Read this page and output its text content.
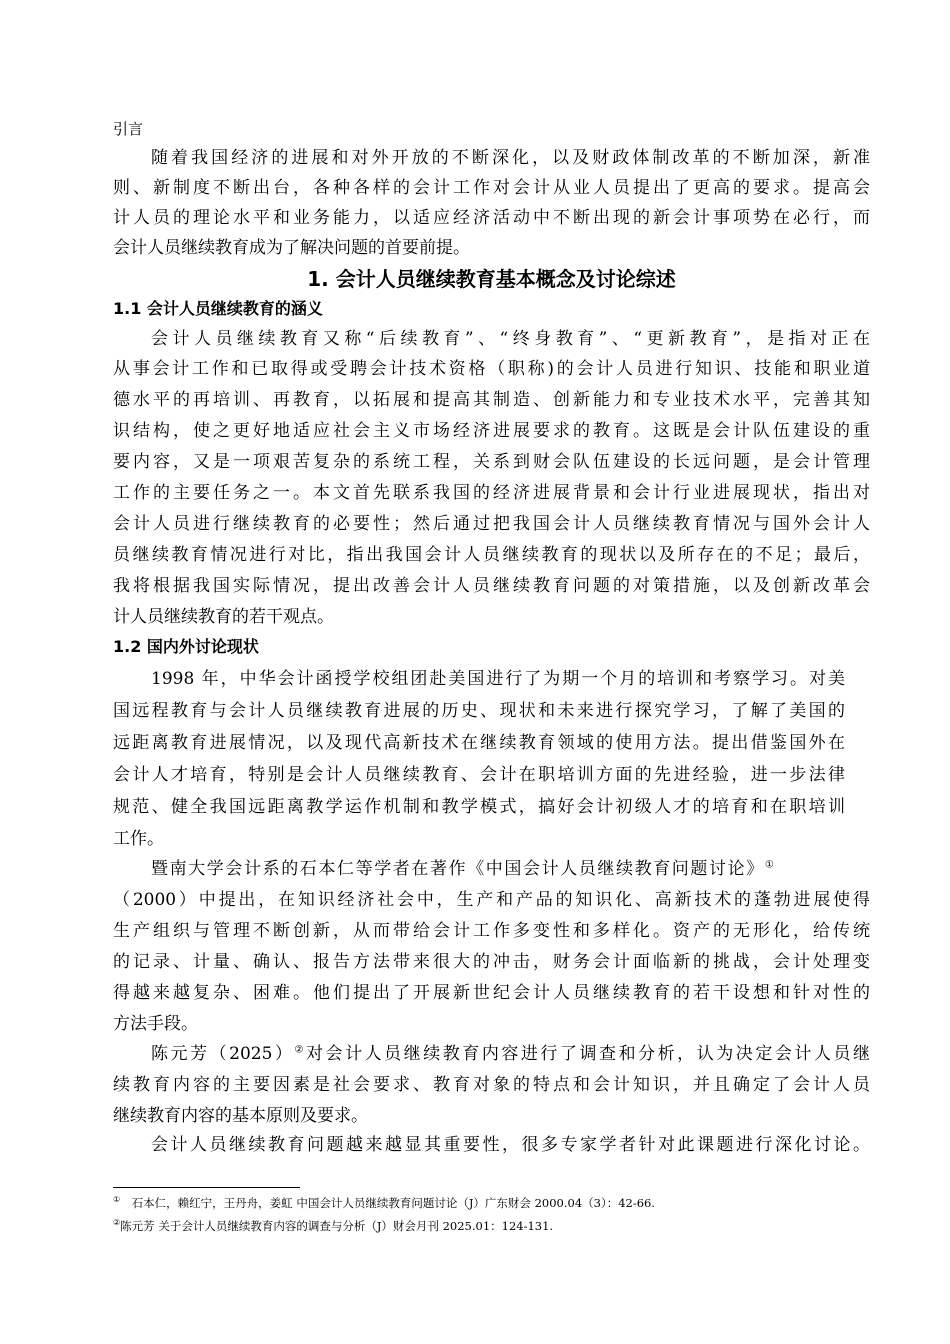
引言
随着我国经济的进展和对外开放的不断深化，以及财政体制改革的不断加深，新准
则、新制度不断出台，各种各样的会计工作对会计从业人员提出了更高的要求。提高会
计人员的理论水平和业务能力，以适应经济活动中不断出现的新会计事项势在必行，而
会计人员继续教育成为了解决问题的首要前提。
1. 会计人员继续教育基本概念及讨论综述
1.1 会计人员继续教育的涵义
会计人员继续教育又称“后续教育”、“终身教育”、“更新教育”，是指对正在
从事会计工作和已取得或受聘会计技术资格（职称)的会计人员进行知识、技能和职业道
德水平的再培训、再教育，以拓展和提高其制造、创新能力和专业技术水平，完善其知
识结构，使之更好地适应社会主义市场经济进展要求的教育。这既是会计队伍建设的重
要内容，又是一项艰苦复杂的系统工程，关系到财会队伍建设的长远问题，是会计管理
工作的主要任务之一。本文首先联系我国的经济进展背景和会计行业进展现状，指出对
会计人员进行继续教育的必要性；然后通过把我国会计人员继续教育情况与国外会计人
员继续教育情况进行对比，指出我国会计人员继续教育的现状以及所存在的不足；最后，
我将根据我国实际情况，提出改善会计人员继续教育问题的对策措施，以及创新改革会
计人员继续教育的若干观点。
1.2 国内外讨论现状
1998 年，中华会计函授学校组团赴美国进行了为期一个月的培训和考察学习。对美
国远程教育与会计人员继续教育进展的历史、现状和未来进行探究学习，了解了美国的
远距离教育进展情况，以及现代高新技术在继续教育领域的使用方法。提出借鉴国外在
会计人才培育，特别是会计人员继续教育、会计在职培训方面的先进经验，进一步法律
规范、健全我国远距离教学运作机制和教学模式，搞好会计初级人才的培育和在职培训
工作。
暨南大学会计系的石本仁等学者在著作《中国会计人员继续教育问题讨论》①
（2000）中提出，在知识经济社会中，生产和产品的知识化、高新技术的蓬勃进展使得
生产组织与管理不断创新，从而带给会计工作多变性和多样化。资产的无形化，给传统
的记录、计量、确认、报告方法带来很大的冲击，财务会计面临新的挑战，会计处理变
得越来越复杂、困难。他们提出了开展新世纪会计人员继续教育的若干设想和针对性的
方法手段。
陈元芳（2025）②对会计人员继续教育内容进行了调查和分析，认为决定会计人员继
续教育内容的主要因素是社会要求、教育对象的特点和会计知识，并且确定了会计人员
继续教育内容的基本原则及要求。
会计人员继续教育问题越来越显其重要性，很多专家学者针对此课题进行深化讨论。
①　石本仁，赖红宁，王丹舟，姜虹 中国会计人员继续教育问题讨论（J）广东财会 2000.04（3）：42-66.
②陈元芳 关于会计人员继续教育内容的调查与分析（J）财会月刊 2025.01：124-131.
